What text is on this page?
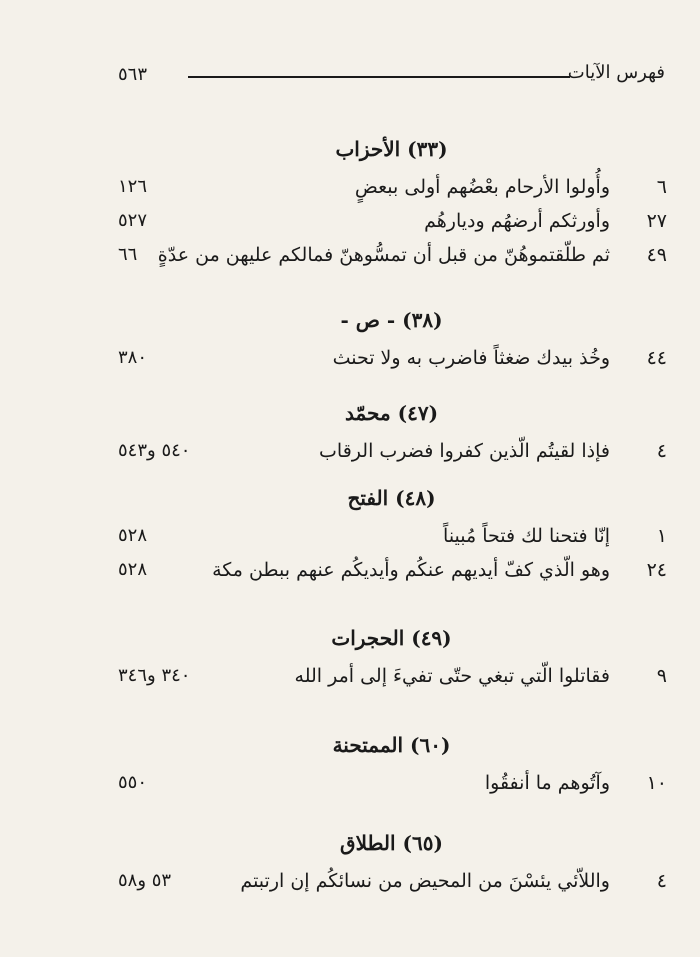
فهرس الآيات
٥٦٣
(٣٣) الأحزاب
٦
وأُولوا الأرحام بعْضُهم أولى ببعضٍ
١٢٦
٢٧
وأورثكم أرضهُم وديارهُم
٥٢٧
٤٩
ثم طلّقتموهُنّ من قبل أن تمسُّوهنّ فمالكم عليهن من عدّةٍ
٦٦
(٣٨) - ص -
٤٤
وخُذ بيدك ضغثاً فاضرب به ولا تحنث
٣٨٠
(٤٧) محمّد
٤
فإذا لقيتُم الّذين كفروا فضرب الرقاب
٥٤٠ و٥٤٣
(٤٨) الفتح
١
إنّا فتحنا لك فتحاً مُبيناً
٥٢٨
٢٤
وهو الّذي كفّ أيديهم عنكُم وأيديكُم عنهم ببطن مكة
٥٢٨
(٤٩) الحجرات
٩
فقاتلوا الّتي تبغي حتّى تفيءَ إلى أمر الله
٣٤٠ و٣٤٦
(٦٠) الممتحنة
١٠
وآتُوهم ما أنفقُوا
٥٥٠
(٦٥) الطلاق
٤
واللاّئي يئسْنَ من المحيض من نسائكُم إن ارتبتم
٥٣ و٥٨
